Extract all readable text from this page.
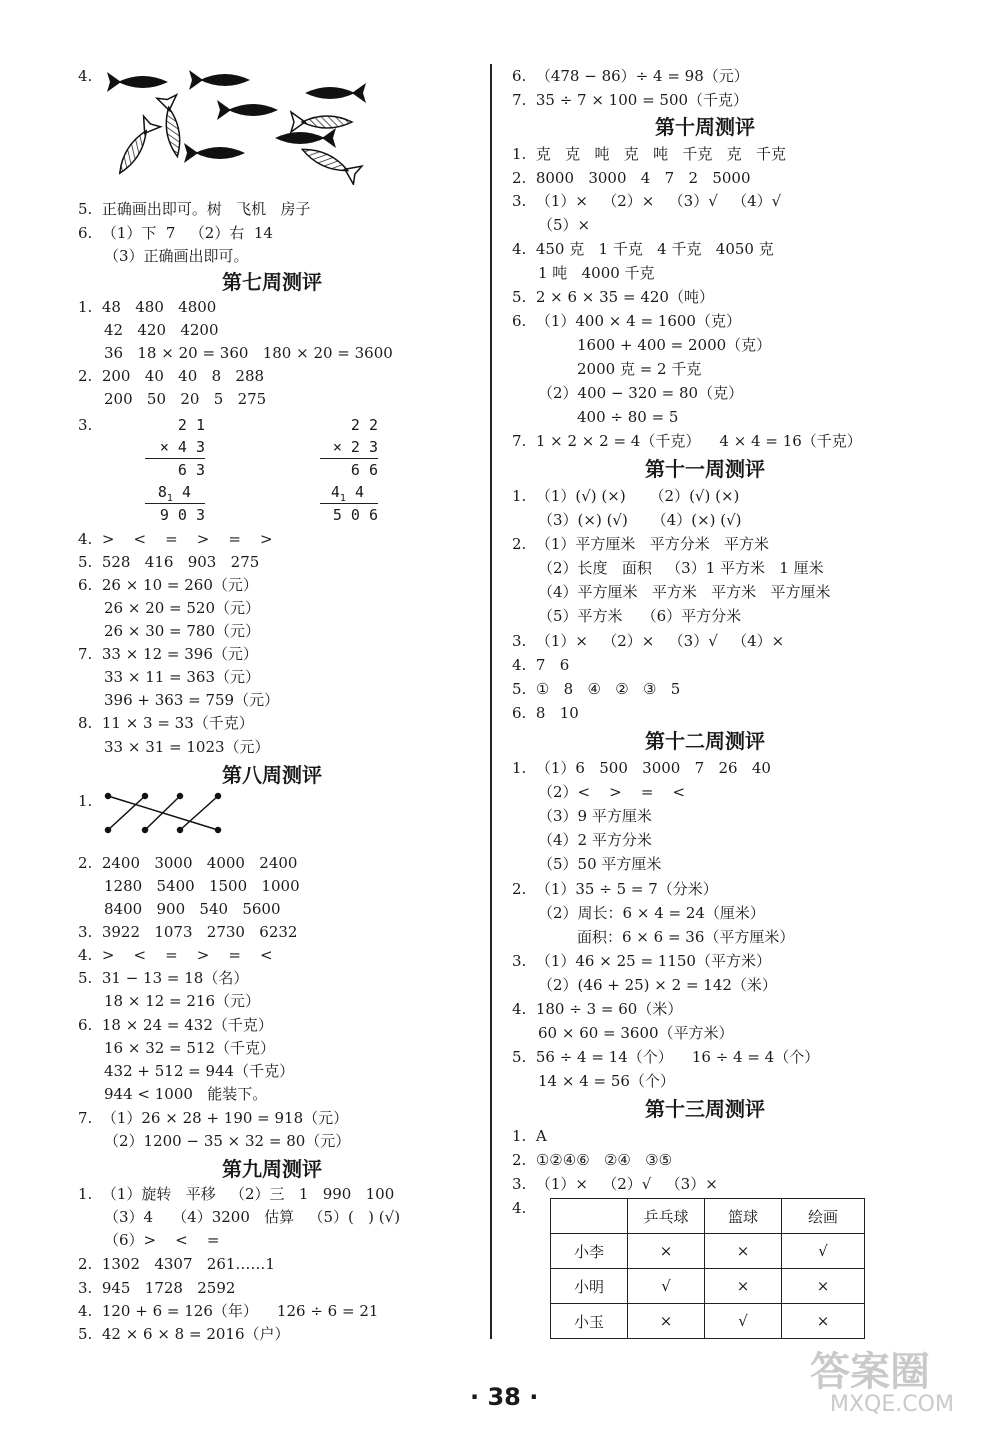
4.
5.  正确画出即可。树   飞机   房子
6.  （1）下  7   （2）右  14
（3）正确画出即可。
第七周测评
1.  48   480   4800
42   420   4200
36   18 × 20 = 360   180 × 20 = 3600
2.  200   40   40   8   288
200   50   20   5   275
3.	2 1
× 4 3
6 3
$8_1$ 4
9 0 3
2 2
× 2 3
6 6
$4_1$ 4
5 0 6
4.  >    <    =    >    =    >
5.  528   416   903   275
6.  26 × 10 = 260（元）
26 × 20 = 520（元）
26 × 30 = 780（元）
7.  33 × 12 = 396（元）
33 × 11 = 363（元）
396 + 363 = 759（元）
8.  11 × 3 = 33（千克）
33 × 31 = 1023（元）
第八周测评
1.
2.  2400   3000   4000   2400
1280   5400   1500   1000
8400   900   540   5600
3.  3922   1073   2730   6232
4.  >    <    =    >    =    <
5.  31 − 13 = 18（名）
18 × 12 = 216（元）
6.  18 × 24 = 432（千克）
16 × 32 = 512（千克）
432 + 512 = 944（千克）
944 < 1000   能装下。
7.  （1）26 × 28 + 190 = 918（元）
（2）1200 − 35 × 32 = 80（元）
第九周测评
1.  （1）旋转   平移   （2）三   1   990   100
（3）4    （4）3200   估算   （5）(   ) (√)
（6）>    <    =
2.  1302   4307   261……1
3.  945   1728   2592
4.  120 + 6 = 126（年）    126 ÷ 6 = 21
5.  42 × 6 × 8 = 2016（户）
6.  （478 − 86）÷ 4 = 98（元）
7.  35 ÷ 7 × 100 = 500（千克）
第十周测评
1.  克   克   吨   克   吨   千克   克   千克
2.  8000   3000   4   7   2   5000
3.  （1）×   （2）×   （3）√   （4）√
（5）×
4.  450 克   1 千克   4 千克   4050 克
1 吨   4000 千克
5.  2 × 6 × 35 = 420（吨）
6.  （1）400 × 4 = 1600（克）
1600 + 400 = 2000（克）
2000 克 = 2 千克
（2）400 − 320 = 80（克）
400 ÷ 80 = 5
7.  1 × 2 × 2 = 4（千克）    4 × 4 = 16（千克）
第十一周测评
1.  （1）(√) (×)     （2）(√) (×)
（3）(×) (√)     （4）(×) (√)
2.  （1）平方厘米   平方分米   平方米
（2）长度   面积   （3）1 平方米   1 厘米
（4）平方厘米   平方米   平方米   平方厘米
（5）平方米    （6）平方分米
3.  （1）×   （2）×   （3）√   （4）×
4.  7   6
5.  ①   8   ④   ②   ③   5
6.  8   10
第十二周测评
1.  （1）6   500   3000   7   26   40
（2）<    >    =    <
（3）9 平方厘米
（4）2 平方分米
（5）50 平方厘米
2.  （1）35 ÷ 5 = 7（分米）
（2）周长：6 × 4 = 24（厘米）
面积：6 × 6 = 36（平方厘米）
3.  （1）46 × 25 = 1150（平方米）
（2）(46 + 25) × 2 = 142（米）
4.  180 ÷ 3 = 60（米）
60 × 60 = 3600（平方米）
5.  56 ÷ 4 = 14（个）    16 ÷ 4 = 4（个）
14 × 4 = 56（个）
第十三周测评
1.  A
2.  ①②④⑥   ②④   ③⑤
3.  （1）×   （2）√   （3）×
4.
		乒乓球	篮球	绘画
小李	×	×	√
小明	√	×	×
小玉	×	√	×
· 38 ·
答案圈
MXQE.COM
